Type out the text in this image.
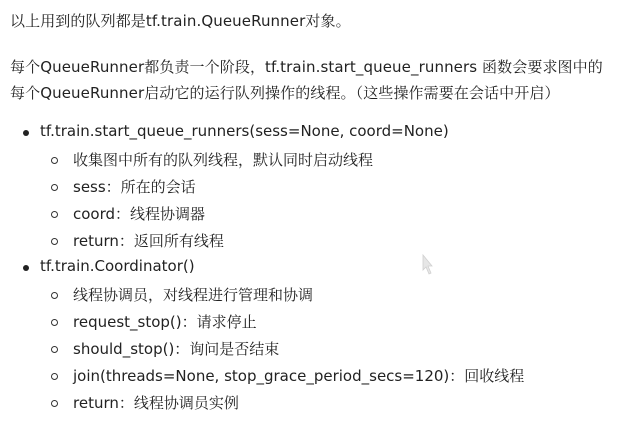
以上用到的队列都是tf.train.QueueRunner对象。

每个QueueRunner都负责一个阶段，tf.train.start_queue_runners 函数会要求图中的

每个QueueRunner启动它的运行队列操作的线程。（这些操作需要在会话中开启）

tf.train.start_queue_runners(sess=None, coord=None)
收集图中所有的队列线程，默认同时启动线程
sess：所在的会话
coord：线程协调器
return：返回所有线程
tf.train.Coordinator()
线程协调员，对线程进行管理和协调
request_stop()：请求停止
should_stop()：询问是否结束
join(threads=None, stop_grace_period_secs=120)：回收线程
return：线程协调员实例
